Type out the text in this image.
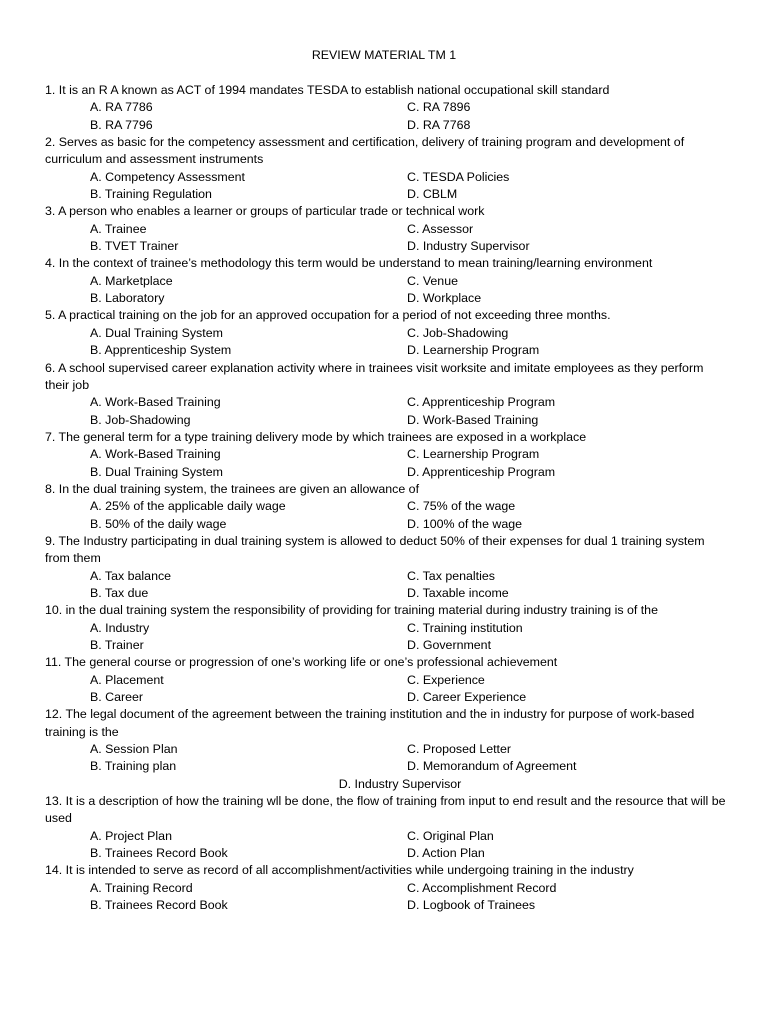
REVIEW MATERIAL TM 1
1. It is an R A known as ACT of 1994 mandates TESDA to establish national occupational skill standard
A. RA 7786	C. RA 7896
B. RA 7796	D. RA 7768
2. Serves as basic for the competency assessment and certification, delivery of training program and development of curriculum and assessment instruments
A. Competency Assessment	C. TESDA Policies
B. Training Regulation	D. CBLM
3. A person who enables a learner or groups of particular trade or technical work
A. Trainee	C. Assessor
B. TVET Trainer	D. Industry Supervisor
4. In the context of trainee’s methodology this term would be understand to mean training/learning environment
A. Marketplace	C. Venue
B. Laboratory	D. Workplace
5. A practical training on the job for an approved occupation for a period of not exceeding three months.
A. Dual Training System	C. Job-Shadowing
B. Apprenticeship System	D. Learnership Program
6. A school supervised career explanation activity where in trainees visit worksite and imitate employees as they perform their job
A. Work-Based Training	C. Apprenticeship Program
B. Job-Shadowing	D. Work-Based Training
7. The general term for a type training delivery mode by which trainees are exposed in a workplace
A. Work-Based Training	C. Learnership Program
B. Dual Training System	D. Apprenticeship Program
8. In the dual training system, the trainees are given an allowance of
A. 25% of the applicable daily wage	C. 75% of the wage
B. 50% of the daily wage	D. 100% of the wage
9. The Industry participating in dual training system is allowed to deduct 50% of their expenses for dual 1 training system from them
A. Tax balance	C. Tax penalties
B. Tax due	D. Taxable income
10. in the dual training system the responsibility of providing for training material during industry training is of the
A. Industry	C. Training institution
B. Trainer	D. Government
11. The general course or progression of one’s working life or one’s professional achievement
A. Placement	C. Experience
B. Career	D. Career Experience
12. The legal document of the agreement between the training institution and the in industry for purpose of work-based training is the
A. Session Plan	C. Proposed Letter
B. Training plan	D. Memorandum of Agreement
D. Industry Supervisor
13. It is a description of how the training wll be done, the flow of training from input to end result and the resource that will be used
A. Project Plan	C. Original Plan
B. Trainees Record Book	D. Action Plan
14. It is intended to serve as record of all accomplishment/activities while undergoing training in the industry
A. Training Record	C. Accomplishment Record
B. Trainees Record Book	D. Logbook of Trainees
